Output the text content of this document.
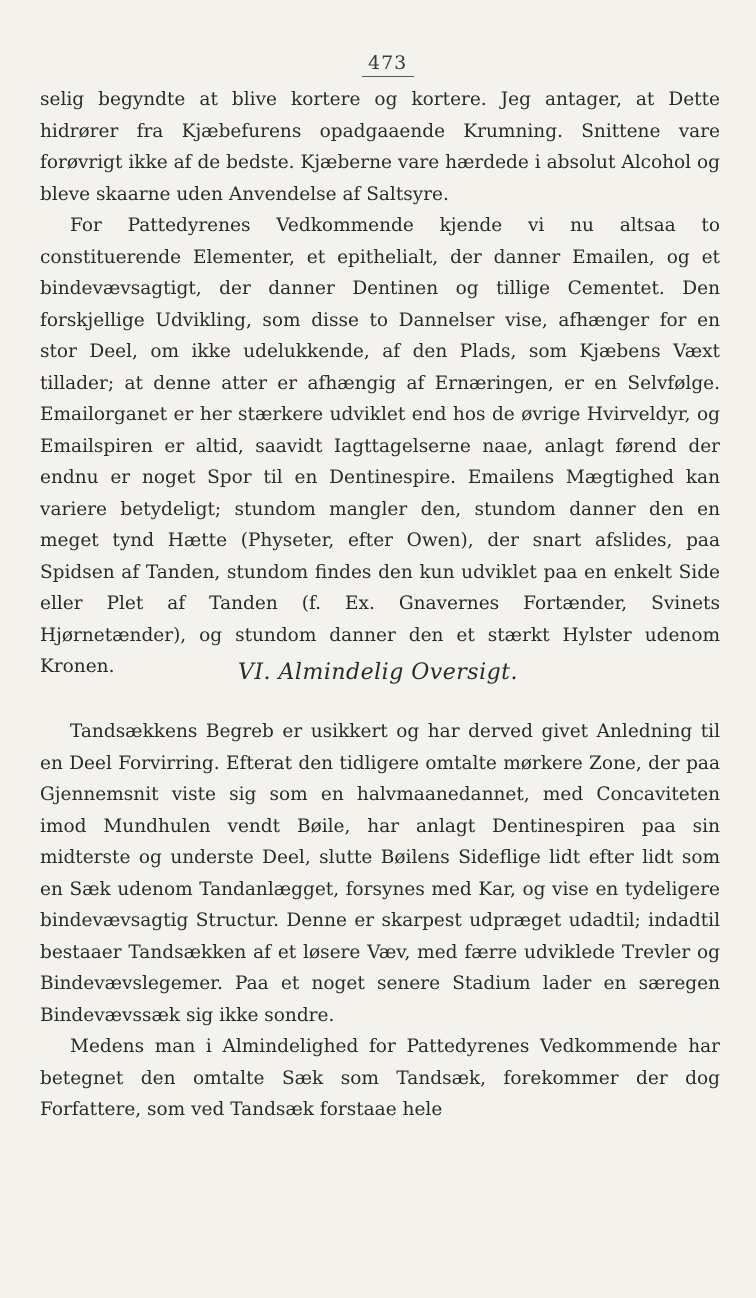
473

selig begyndte at blive kortere og kortere. Jeg antager, at Dette hidrører fra Kjæbefurens opadgaaende Krumning. Snittene vare forøvrigt ikke af de bedste. Kjæberne vare hærdede i absolut Alcohol og bleve skaarne uden Anvendelse af Saltsyre.

For Pattedyrenes Vedkommende kjende vi nu altsaa to constituerende Elementer, et epithelialt, der danner Emailen, og et bindevævsagtigt, der danner Dentinen og tillige Cementet. Den forskjellige Udvikling, som disse to Dannelser vise, afhænger for en stor Deel, om ikke udelukkende, af den Plads, som Kjæbens Væxt tillader; at denne atter er afhængig af Ernæringen, er en Selvfølge. Emailorganet er her stærkere udviklet end hos de øvrige Hvirveldyr, og Emailspiren er altid, saavidt Iagttagelserne naae, anlagt førend der endnu er noget Spor til en Dentinespire. Emailens Mægtighed kan variere betydeligt; stundom mangler den, stundom danner den en meget tynd Hætte (Physeter, efter Owen), der snart afslides, paa Spidsen af Tanden, stundom findes den kun udviklet paa en enkelt Side eller Plet af Tanden (f. Ex. Gnavernes Fortænder, Svinets Hjørnetænder), og stundom danner den et stærkt Hylster udenom Kronen.	VI. Almindelig Oversigt.

Tandsækkens Begreb er usikkert og har derved givet Anledning til en Deel Forvirring. Efterat den tidligere omtalte mørkere Zone, der paa Gjennemsnit viste sig som en halvmaanedannet, med Concaviteten imod Mundhulen vendt Bøile, har anlagt Dentinespiren paa sin midterste og underste Deel, slutte Bøilens Sideflige lidt efter lidt som en Sæk udenom Tandanlægget, forsynes med Kar, og vise en tydeligere bindevævsagtig Structur. Denne er skarpest udpræget udadtil; indadtil bestaaer Tandsækken af et løsere Væv, med færre udviklede Trevler og Bindevævslegemer. Paa et noget senere Stadium lader en særegen Bindevævssæk sig ikke sondre.

Medens man i Almindelighed for Pattedyrenes Vedkommende har betegnet den omtalte Sæk som Tandsæk, forekommer der dog Forfattere, som ved Tandsæk forstaae hele
